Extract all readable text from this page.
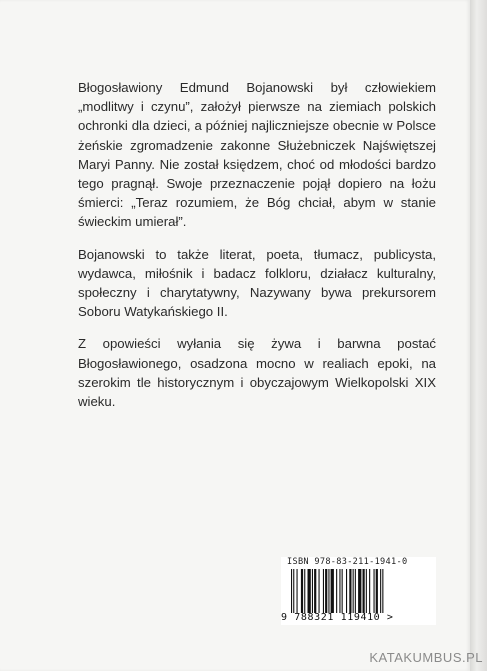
Błogosławiony Edmund Bojanowski był człowiekiem „modlitwy i czynu”, założył pierwsze na ziemiach polskich ochronki dla dzieci, a później najliczniejsze obecnie w Polsce żeńskie zgromadzenie zakonne Służebniczek Najświętszej Maryi Panny. Nie został księdzem, choć od młodości bardzo tego pragnął. Swoje przeznaczenie pojął dopiero na łożu śmierci: „Teraz rozumiem, że Bóg chciał, abym w stanie świeckim umierał”.

Bojanowski to także literat, poeta, tłumacz, publicysta, wydawca, miłośnik i badacz folkloru, działacz kulturalny, społeczny i charytatywny, Nazywany bywa prekursorem Soboru Watykańskiego II.

Z opowieści wyłania się żywa i barwna postać Błogosławionego, osadzona mocno w realiach epoki, na szerokim tle historycznym i obyczajowym Wielkopolski XIX wieku.

ISBN 978-83-211-1941-0
9 788321 119410 >
KATAKUMBUS.PL
